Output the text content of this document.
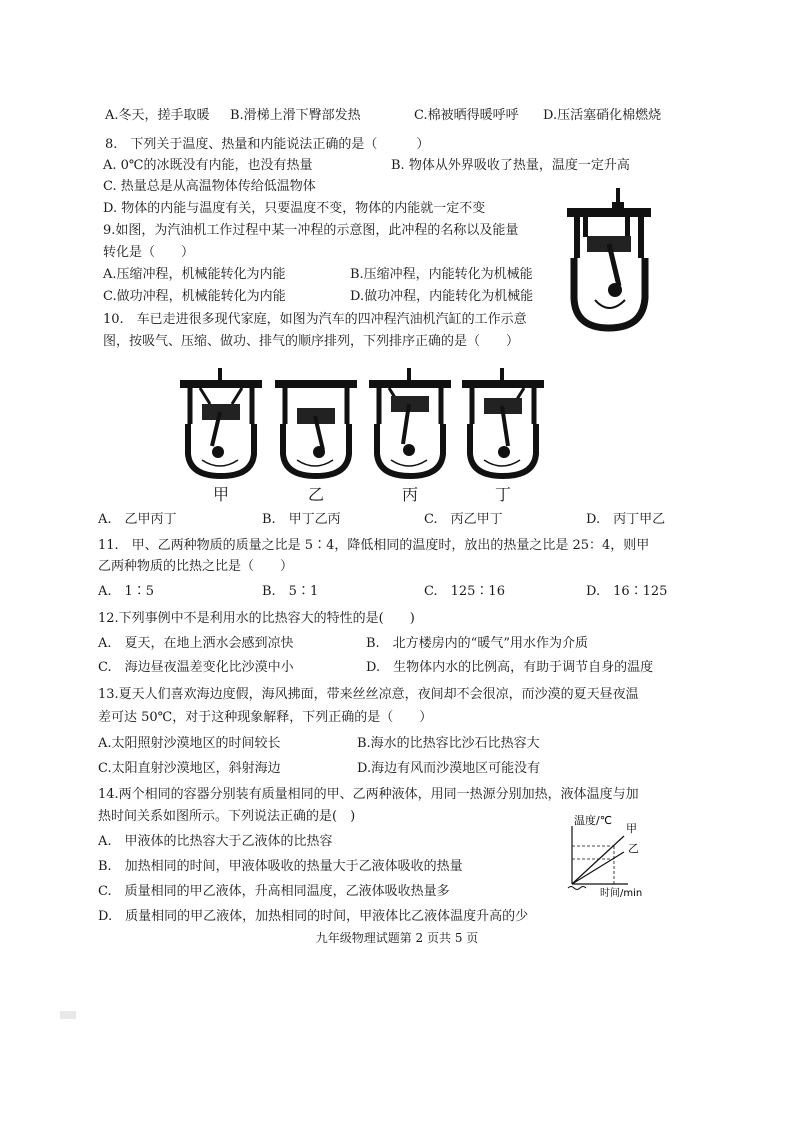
A.冬天，搓手取暖 B.滑梯上滑下臀部发热	C.棉被晒得暖呼呼 D.压活塞硝化棉燃烧
8.　下列关于温度、热量和内能说法正确的是（　　　）
A. 0℃的冰既没有内能，也没有热量	B. 物体从外界吸收了热量，温度一定升高
C. 热量总是从高温物体传给低温物体
D. 物体的内能与温度有关，只要温度不变，物体的内能就一定不变
9.如图，为汽油机工作过程中某一冲程的示意图，此冲程的名称以及能量
转化是（　　）
A.压缩冲程，机械能转化为内能	B.压缩冲程，内能转化为机械能
C.做功冲程，机械能转化为内能	D.做功冲程，内能转化为机械能
10.　车已走进很多现代家庭，如图为汽车的四冲程汽油机汽缸的工作示意
图，按吸气、压缩、做功、排气的顺序排列，下列排序正确的是（　　）
甲	乙	丙	丁
A.　乙甲丙丁	B.　甲丁乙丙	C.　丙乙甲丁	D.　丙丁甲乙
11.　甲、乙两种物质的质量之比是 5∶4，降低相同的温度时，放出的热量之比是 25：4，则甲
乙两种物质的比热之比是（　　）
A.　1∶5	B.　5∶1	C.　125∶16	D.　16∶125
12.下列事例中不是利用水的比热容大的特性的是(　　)
A.　夏天，在地上洒水会感到凉快	B.　北方楼房内的“暖气”用水作为介质
C.　海边昼夜温差变化比沙漠中小	D.　生物体内水的比例高，有助于调节自身的温度
13.夏天人们喜欢海边度假，海风拂面，带来丝丝凉意，夜间却不会很凉，而沙漠的夏天昼夜温
差可达 50℃，对于这种现象解释，下列正确的是（　　）
A.太阳照射沙漠地区的时间较长	B.海水的比热容比沙石比热容大
C.太阳直射沙漠地区，斜射海边	D.海边有风而沙漠地区可能没有
14.两个相同的容器分别装有质量相同的甲、乙两种液体，用同一热源分别加热，液体温度与加
热时间关系如图所示。下列说法正确的是(　)
A.　甲液体的比热容大于乙液体的比热容
B.　加热相同的时间，甲液体吸收的热量大于乙液体吸收的热量
C.　质量相同的甲乙液体，升高相同温度，乙液体吸收热量多
D.　质量相同的甲乙液体，加热相同的时间，甲液体比乙液体温度升高的少
温度/℃
甲
乙
时间/min
九年级物理试题第 2 页共 5 页
